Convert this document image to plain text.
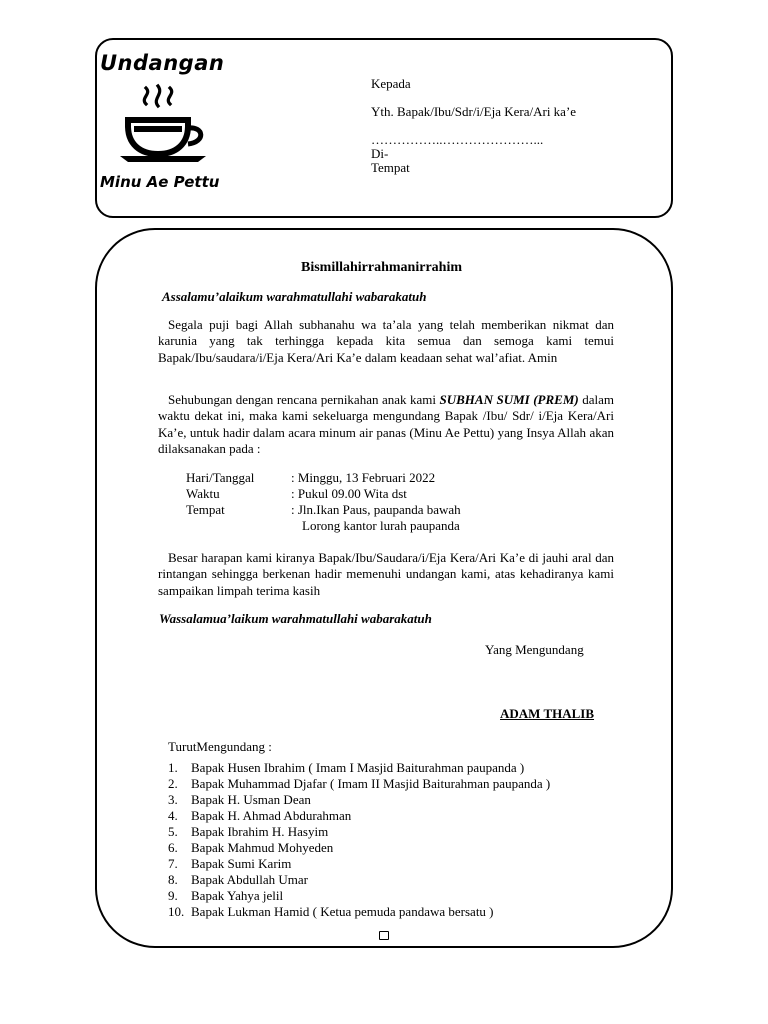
Undangan

Minu Ae Pettu

Kepada
Yth. Bapak/Ibu/Sdr/i/Eja Kera/Ari ka’e
……………..…………………...
Di-
Tempat
Bismillahirrahmanirrahim
Assalamu’alaikum warahmatullahi wabarakatuh

Segala puji bagi Allah subhanahu wa ta’ala yang telah memberikan nikmat dan karunia yang tak terhingga kepada kita semua dan semoga kami temui Bapak/Ibu/saudara/i/Eja Kera/Ari Ka’e dalam keadaan sehat wal’afiat. Amin

Sehubungan dengan rencana pernikahan anak kami SUBHAN SUMI (PREM) dalam waktu dekat ini, maka kami sekeluarga mengundang Bapak /Ibu/ Sdr/ i/Eja Kera/Ari Ka’e, untuk hadir dalam acara minum air panas (Minu Ae Pettu) yang Insya Allah akan dilaksanakan pada :

Hari/Tanggal	: Minggu, 13 Februari 2022
Waktu	: Pukul 09.00 Wita dst
Tempat	: Jln.Ikan Paus, paupanda bawah
Lorong kantor lurah paupanda

Besar harapan kami kiranya Bapak/Ibu/Saudara/i/Eja Kera/Ari Ka’e di jauhi aral dan rintangan sehingga berkenan hadir memenuhi undangan kami, atas kehadiranya kami sampaikan limpah terima kasih

Wassalamua’laikum warahmatullahi wabarakatuh
Yang Mengundang
ADAM THALIB
TurutMengundang :
1. Bapak Husen Ibrahim ( Imam I Masjid Baiturahman paupanda )
2. Bapak Muhammad Djafar ( Imam II Masjid Baiturahman paupanda )
3. Bapak H. Usman Dean
4. Bapak H. Ahmad Abdurahman
5. Bapak Ibrahim H. Hasyim
6. Bapak Mahmud Mohyeden
7. Bapak Sumi Karim
8. Bapak Abdullah Umar
9. Bapak Yahya jelil
10. Bapak Lukman Hamid ( Ketua pemuda pandawa bersatu )
